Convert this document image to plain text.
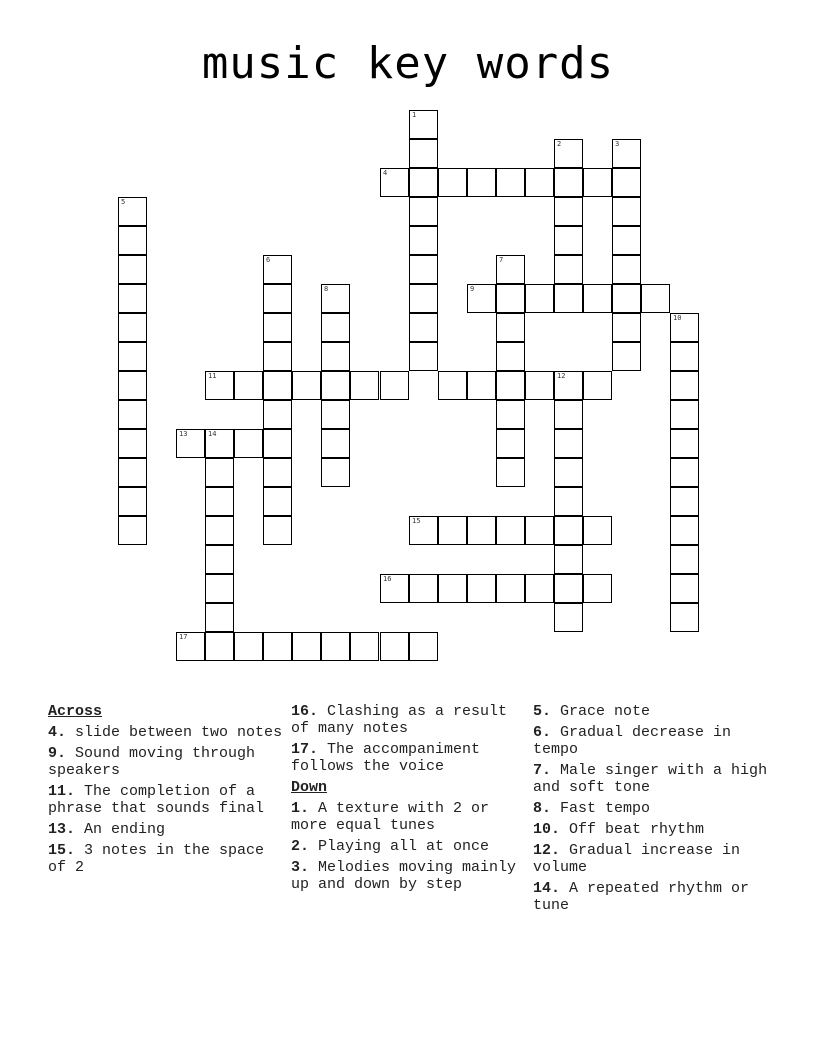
music key words
1
2	3
4
5
6	7
8	9
10
11	12
13	14
15
16
17
Across
4. slide between two notes
9. Sound moving through speakers
11. The completion of a phrase that sounds final
13. An ending
15. 3 notes in the space of 2
16. Clashing as a result of many notes
17. The accompaniment follows the voice
Down
1. A texture with 2 or more equal tunes
2. Playing all at once
3. Melodies moving mainly up and down by step
5. Grace note
6. Gradual decrease in tempo
7. Male singer with a high and soft tone
8. Fast tempo
10. Off beat rhythm
12. Gradual increase in volume
14. A repeated rhythm or tune
